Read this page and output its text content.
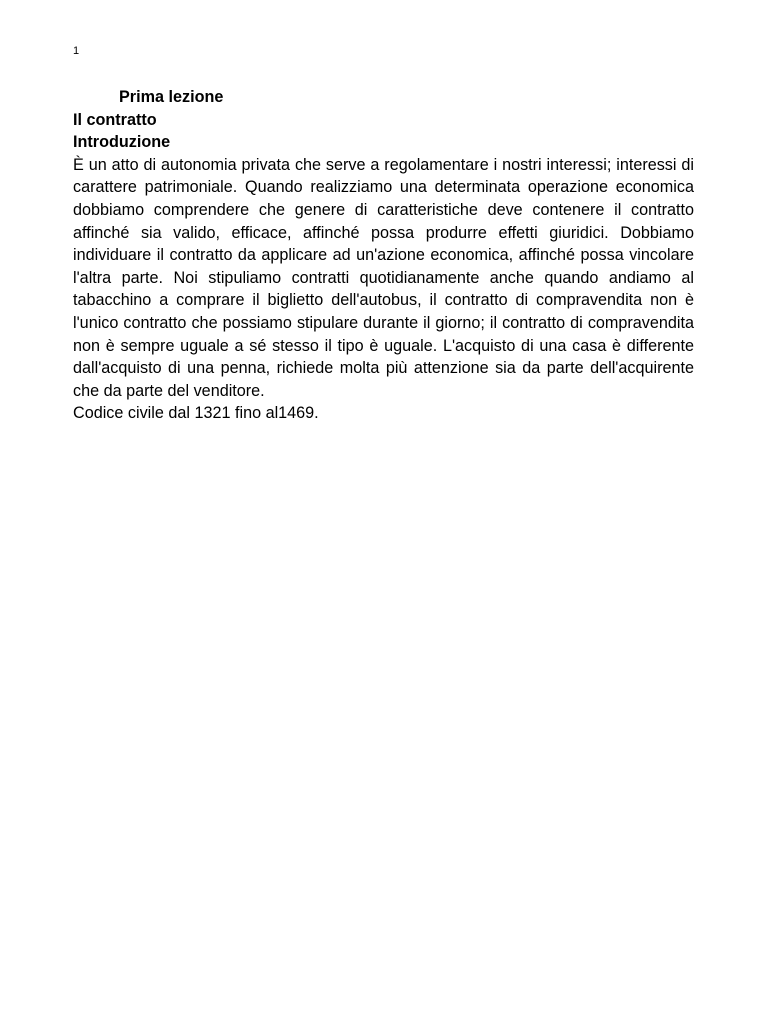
1
Prima lezione
Il contratto
Introduzione

È un atto di autonomia privata che serve a regolamentare i nostri interessi; interessi di carattere patrimoniale. Quando realizziamo una determinata operazione economica dobbiamo comprendere che genere di caratteristiche deve contenere il contratto affinché sia valido, efficace, affinché possa produrre effetti giuridici. Dobbiamo individuare il contratto da applicare ad un'azione economica, affinché possa vincolare l'altra parte. Noi stipuliamo contratti quotidianamente anche quando andiamo al tabacchino a comprare il biglietto dell'autobus, il contratto di compravendita non è l'unico contratto che possiamo stipulare durante il giorno; il contratto di compravendita non è sempre uguale a sé stesso il tipo è uguale. L'acquisto di una casa è differente dall'acquisto di una penna, richiede molta più attenzione sia da parte dell'acquirente che da parte del venditore.

Codice civile dal 1321 fino al1469.
